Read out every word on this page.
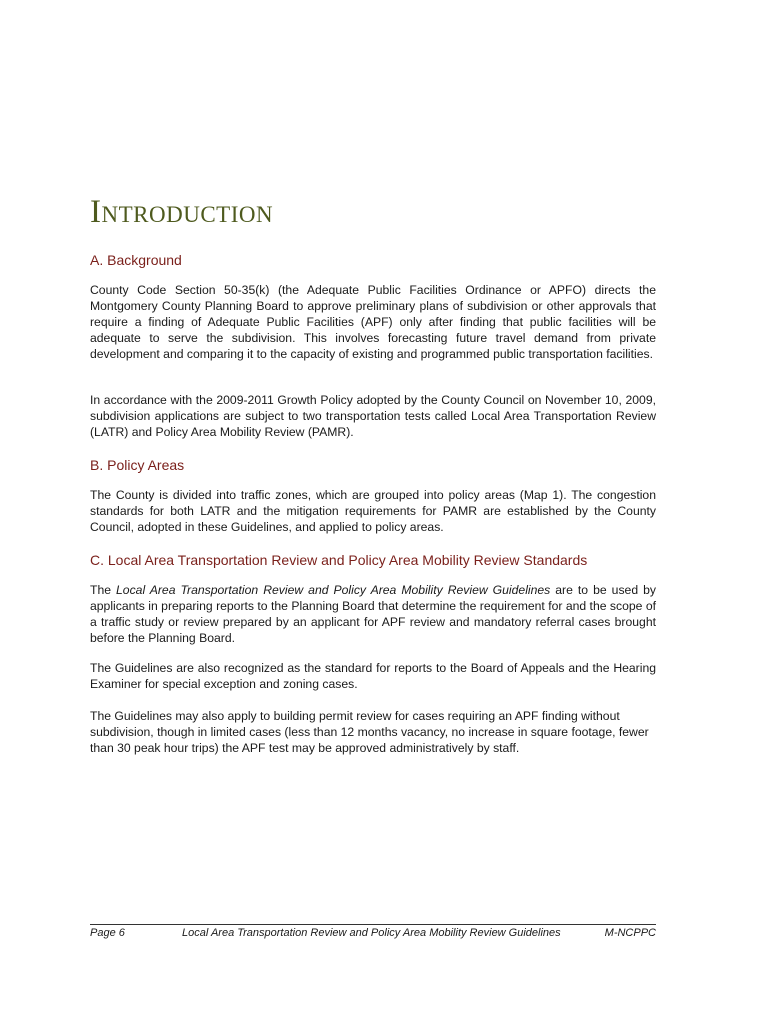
Introduction
A. Background

County Code Section 50-35(k) (the Adequate Public Facilities Ordinance or APFO) directs the Montgomery County Planning Board to approve preliminary plans of subdivision or other approvals that require a finding of Adequate Public Facilities (APF) only after finding that public facilities will be adequate to serve the subdivision. This involves forecasting future travel demand from private development and comparing it to the capacity of existing and programmed public transportation facilities.

In accordance with the 2009-2011 Growth Policy adopted by the County Council on November 10, 2009, subdivision applications are subject to two transportation tests called Local Area Transportation Review (LATR) and Policy Area Mobility Review (PAMR).

B. Policy Areas

The County is divided into traffic zones, which are grouped into policy areas (Map 1). The congestion standards for both LATR and the mitigation requirements for PAMR are established by the County Council, adopted in these Guidelines, and applied to policy areas.

C. Local Area Transportation Review and Policy Area Mobility Review Standards

The Local Area Transportation Review and Policy Area Mobility Review Guidelines are to be used by applicants in preparing reports to the Planning Board that determine the requirement for and the scope of a traffic study or review prepared by an applicant for APF review and mandatory referral cases brought before the Planning Board.

The Guidelines are also recognized as the standard for reports to the Board of Appeals and the Hearing Examiner for special exception and zoning cases.

The Guidelines may also apply to building permit review for cases requiring an APF finding without subdivision, though in limited cases (less than 12 months vacancy, no increase in square footage, fewer than 30 peak hour trips) the APF test may be approved administratively by staff.

Page 6	Local Area Transportation Review and Policy Area Mobility Review Guidelines	M-NCPPC
